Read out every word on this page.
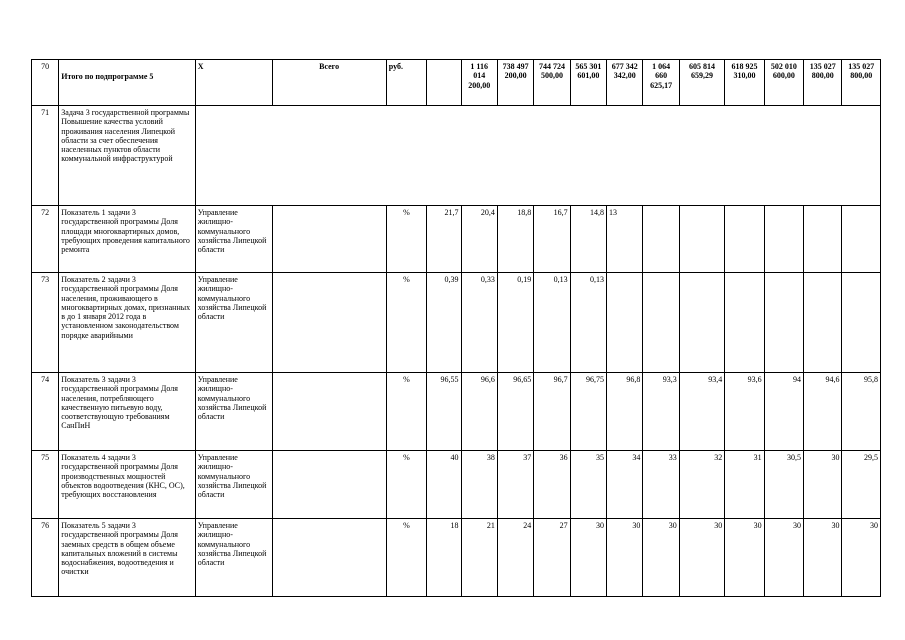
70	Итого по подпрограмме 5	X	Всего	руб.		1 116 014 200,00	738 497 200,00	744 724 500,00	565 301 601,00	677 342 342,00	1 064 660 625,17	605 814 659,29	618 925 310,00	502 010 600,00	135 027 800,00	135 027 800,00
71	Задача 3 государственной программы Повышение качества условий проживания населения Липецкой области за счет обеспечения населенных пунктов области коммунальной инфраструктурой															
72	Показатель 1 задачи 3 государственной программы Доля площади многоквартирных домов, требующих проведения капитального ремонта	Управление жилищно-коммунального хозяйства Липецкой области		%	21,7	20,4	18,8	16,7	14,8	13						
73	Показатель 2 задачи 3 государственной программы Доля населения, проживающего в многоквартирных домах, признанных в до 1 января 2012 года в установленном законодательством порядке аварийными	Управление жилищно-коммунального хозяйства Липецкой области		%	0,39	0,33	0,19	0,13	0,13							
74	Показатель 3 задачи 3 государственной программы Доля населения, потребляющего качественную питьевую воду, соответствующую требованиям СанПиН	Управление жилищно-коммунального хозяйства Липецкой области		%	96,55	96,6	96,65	96,7	96,75	96,8	93,3	93,4	93,6	94	94,6	95,8
75	Показатель 4 задачи 3 государственной программы Доля производственных мощностей объектов водоотведения (КНС, ОС), требующих восстановления	Управление жилищно-коммунального хозяйства Липецкой области		%	40	38	37	36	35	34	33	32	31	30,5	30	29,5
76	Показатель 5 задачи 3 государственной программы Доля заемных средств в общем объеме капитальных вложений в системы водоснабжения, водоотведения и очистки	Управление жилищно-коммунального хозяйства Липецкой области		%	18	21	24	27	30	30	30	30	30	30	30	30
